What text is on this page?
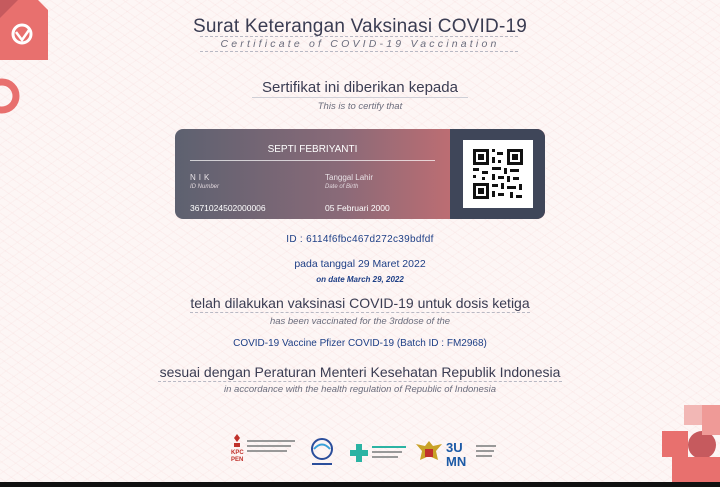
Surat Keterangan Vaksinasi COVID-19
Certificate of COVID-19 Vaccination
Sertifikat ini diberikan kepada
This is to certify that
SEPTI FEBRIYANTI
NIK
ID Number
3671024502000006
Tanggal Lahir
Date of Birth
05 Februari 2000
ID : 6114f6fbc467d272c39bdfdf
pada tanggal 29 Maret 2022
on date March 29, 2022
telah dilakukan vaksinasi COVID-19 untuk dosis ketiga
has been vaccinated for the 3rddose of the
COVID-19 Vaccine Pfizer COVID-19 (Batch ID : FM2968)
sesuai dengan Peraturan Menteri Kesehatan Republik Indonesia
in accordance with the health regulation of Republic of Indonesia
KPC
PEN
3U
MN
